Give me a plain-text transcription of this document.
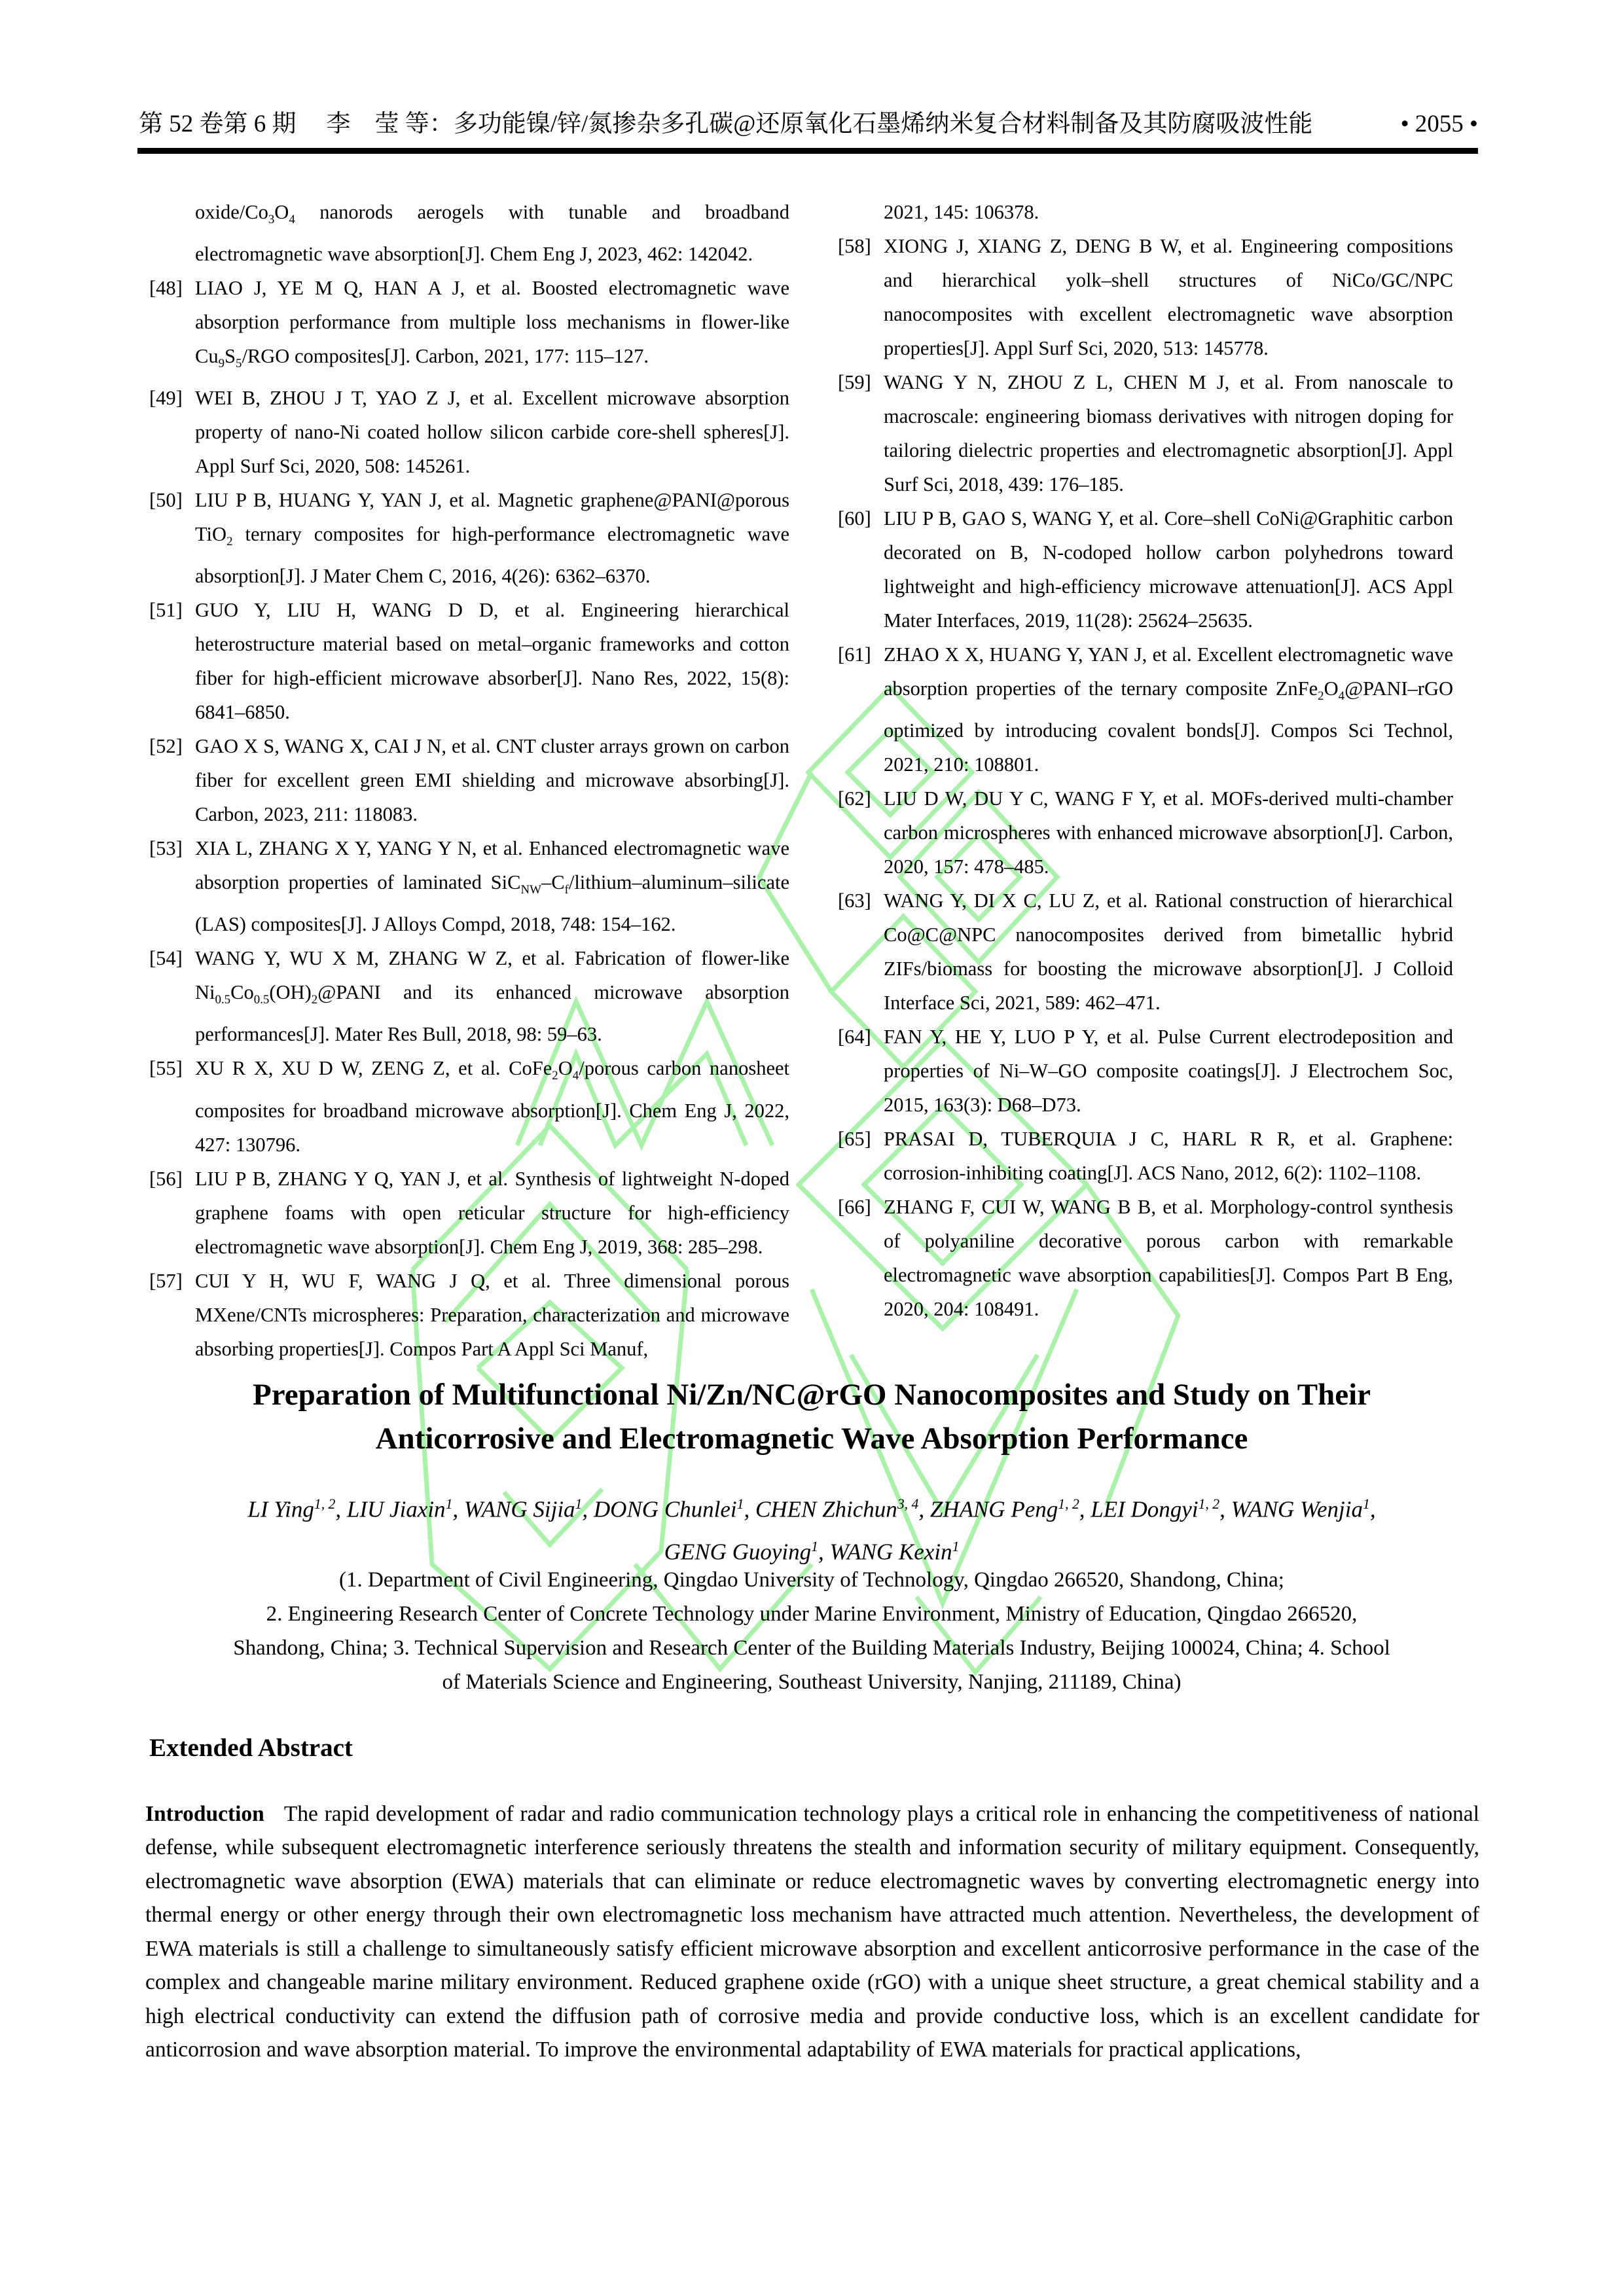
第 52 卷第 6 期 李　莹 等：多功能镍/锌/氮掺杂多孔碳@还原氧化石墨烯纳米复合材料制备及其防腐吸波性能	• 2055 •
oxide/$Co_3O_4$ nanorods aerogels with tunable and broadband electromagnetic wave absorption[J]. Chem Eng J, 2023, 462: 142042.
[48] LIAO J, YE M Q, HAN A J, et al. Boosted electromagnetic wave absorption performance from multiple loss mechanisms in flower-like $Cu_9S_5$/RGO composites[J]. Carbon, 2021, 177: 115–127.
[49] WEI B, ZHOU J T, YAO Z J, et al. Excellent microwave absorption property of nano-Ni coated hollow silicon carbide core-shell spheres[J]. Appl Surf Sci, 2020, 508: 145261.
[50] LIU P B, HUANG Y, YAN J, et al. Magnetic graphene@PANI@porous TiO$_2$ ternary composites for high-performance electromagnetic wave absorption[J]. J Mater Chem C, 2016, 4(26): 6362–6370.
[51] GUO Y, LIU H, WANG D D, et al. Engineering hierarchical heterostructure material based on metal–organic frameworks and cotton fiber for high-efficient microwave absorber[J]. Nano Res, 2022, 15(8): 6841–6850.
[52] GAO X S, WANG X, CAI J N, et al. CNT cluster arrays grown on carbon fiber for excellent green EMI shielding and microwave absorbing[J]. Carbon, 2023, 211: 118083.
[53] XIA L, ZHANG X Y, YANG Y N, et al. Enhanced electromagnetic wave absorption properties of laminated $SiC_{NW}-C_f/lithium-aluminum$–silicate (LAS) composites[J]. J Alloys Compd, 2018, 748: 154–162.
[54] WANG Y, WU X M, ZHANG W Z, et al. Fabrication of flower-like $Ni_{0.5}Co_{0.5}(OH)_2@PANI$ and its enhanced microwave absorption performances[J]. Mater Res Bull, 2018, 98: 59–63.
[55] XU R X, XU D W, ZENG Z, et al. $CoFe_2O_4$/porous carbon nanosheet composites for broadband microwave absorption[J]. Chem Eng J, 2022, 427: 130796.
[56] LIU P B, ZHANG Y Q, YAN J, et al. Synthesis of lightweight N-doped graphene foams with open reticular structure for high-efficiency electromagnetic wave absorption[J]. Chem Eng J, 2019, 368: 285–298.
[57] CUI Y H, WU F, WANG J Q, et al. Three dimensional porous MXene/CNTs microspheres: Preparation, characterization and microwave absorbing properties[J]. Compos Part A Appl Sci Manuf,
2021, 145: 106378.
[58] XIONG J, XIANG Z, DENG B W, et al. Engineering compositions and hierarchical yolk–shell structures of NiCo/GC/NPC nanocomposites with excellent electromagnetic wave absorption properties[J]. Appl Surf Sci, 2020, 513: 145778.
[59] WANG Y N, ZHOU Z L, CHEN M J, et al. From nanoscale to macroscale: engineering biomass derivatives with nitrogen doping for tailoring dielectric properties and electromagnetic absorption[J]. Appl Surf Sci, 2018, 439: 176–185.
[60] LIU P B, GAO S, WANG Y, et al. Core–shell CoNi@Graphitic carbon decorated on B, N-codoped hollow carbon polyhedrons toward lightweight and high-efficiency microwave attenuation[J]. ACS Appl Mater Interfaces, 2019, 11(28): 25624–25635.
[61] ZHAO X X, HUANG Y, YAN J, et al. Excellent electromagnetic wave absorption properties of the ternary composite $ZnFe_2O_4@PANI$–rGO optimized by introducing covalent bonds[J]. Compos Sci Technol, 2021, 210: 108801.
[62] LIU D W, DU Y C, WANG F Y, et al. MOFs-derived multi-chamber carbon microspheres with enhanced microwave absorption[J]. Carbon, 2020, 157: 478–485.
[63] WANG Y, DI X C, LU Z, et al. Rational construction of hierarchical Co@C@NPC nanocomposites derived from bimetallic hybrid ZIFs/biomass for boosting the microwave absorption[J]. J Colloid Interface Sci, 2021, 589: 462–471.
[64] FAN Y, HE Y, LUO P Y, et al. Pulse Current electrodeposition and properties of Ni–W–GO composite coatings[J]. J Electrochem Soc, 2015, 163(3): D68–D73.
[65] PRASAI D, TUBERQUIA J C, HARL R R, et al. Graphene: corrosion-inhibiting coating[J]. ACS Nano, 2012, 6(2): 1102–1108.
[66] ZHANG F, CUI W, WANG B B, et al. Morphology-control synthesis of polyaniline decorative porous carbon with remarkable electromagnetic wave absorption capabilities[J]. Compos Part B Eng, 2020, 204: 108491.
Preparation of Multifunctional Ni/Zn/NC@rGO Nanocomposites and Study on Their
Anticorrosive and Electromagnetic Wave Absorption Performance
LI Ying$^{1, 2}$, LIU Jiaxin$^1$, WANG Sijia$^1$, DONG Chunlei$^1$, CHEN Zhichun$^{3, 4}$, ZHANG Peng$^{1, 2}$, LEI Dongyi$^{1, 2}$, WANG Wenjia$^1$,
GENG Guoying$^1$, WANG Kexin$^1$
(1. Department of Civil Engineering, Qingdao University of Technology, Qingdao 266520, Shandong, China;
2. Engineering Research Center of Concrete Technology under Marine Environment, Ministry of Education, Qingdao 266520,
Shandong, China; 3. Technical Supervision and Research Center of the Building Materials Industry, Beijing 100024, China; 4. School
of Materials Science and Engineering, Southeast University, Nanjing, 211189, China)
Extended Abstract

Introduction The rapid development of radar and radio communication technology plays a critical role in enhancing the competitiveness of national defense, while subsequent electromagnetic interference seriously threatens the stealth and information security of military equipment. Consequently, electromagnetic wave absorption (EWA) materials that can eliminate or reduce electromagnetic waves by converting electromagnetic energy into thermal energy or other energy through their own electromagnetic loss mechanism have attracted much attention. Nevertheless, the development of EWA materials is still a challenge to simultaneously satisfy efficient microwave absorption and excellent anticorrosive performance in the case of the complex and changeable marine military environment. Reduced graphene oxide (rGO) with a unique sheet structure, a great chemical stability and a high electrical conductivity can extend the diffusion path of corrosive media and provide conductive loss, which is an excellent candidate for anticorrosion and wave absorption material. To improve the environmental adaptability of EWA materials for practical applications,
